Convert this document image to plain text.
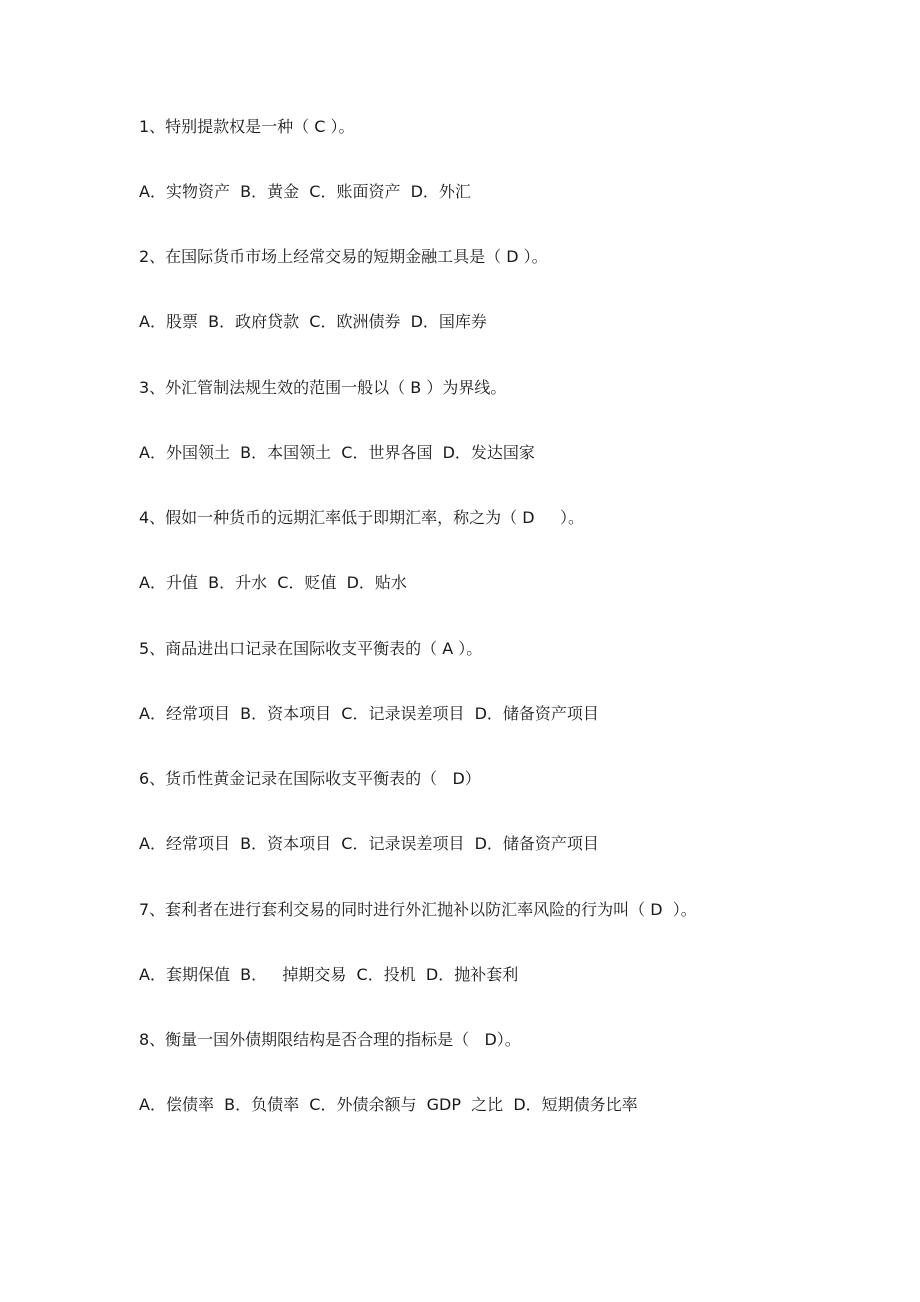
1、特别提款权是一种（ C ）。
A．实物资产  B．黄金  C．账面资产  D．外汇
2、在国际货币市场上经常交易的短期金融工具是（ D ）。
A．股票  B．政府贷款  C．欧洲债券  D．国库券
3、外汇管制法规生效的范围一般以（ B ）为界线。
A．外国领土  B．本国领土  C．世界各国  D．发达国家
4、假如一种货币的远期汇率低于即期汇率，称之为（ D     ）。
A．升值  B．升水  C．贬值  D．贴水
5、商品进出口记录在国际收支平衡表的（ A ）。
A．经常项目  B．资本项目  C．记录误差项目  D．储备资产项目
6、货币性黄金记录在国际收支平衡表的（   D）
A．经常项目  B．资本项目  C．记录误差项目  D．储备资产项目
7、套利者在进行套利交易的同时进行外汇抛补以防汇率风险的行为叫（ D  ）。
A．套期保值  B．   掉期交易  C．投机  D．抛补套利
8、衡量一国外债期限结构是否合理的指标是（   D）。
A．偿债率  B．负债率  C．外债余额与  GDP  之比  D．短期债务比率
